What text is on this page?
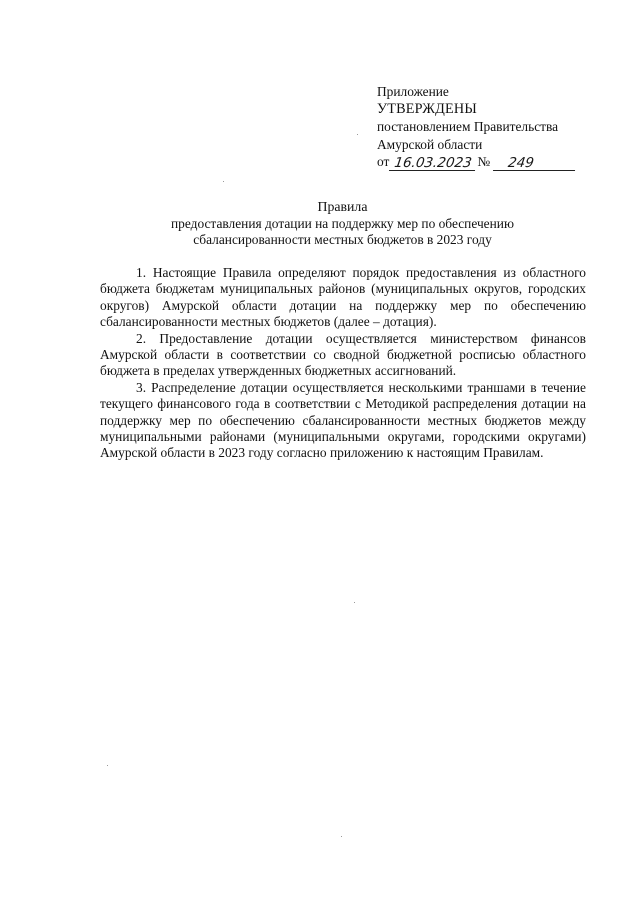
Приложение
УТВЕРЖДЕНЫ
постановлением Правительства
Амурской области
от 16.03.2023 №	249
Правила
предоставления дотации на поддержку мер по обеспечению
сбалансированности местных бюджетов в 2023 году

1. Настоящие Правила определяют порядок предоставления из областного бюджета бюджетам муниципальных районов (муниципальных округов, городских округов) Амурской области дотации на поддержку мер по обеспечению сбалансированности местных бюджетов (далее – дотация).

2. Предоставление дотации осуществляется министерством финансов Амурской области в соответствии со сводной бюджетной росписью областного бюджета в пределах утвержденных бюджетных ассигнований.

3. Распределение дотации осуществляется несколькими траншами в течение текущего финансового года в соответствии с Методикой распределения дотации на поддержку мер по обеспечению сбалансированности местных бюджетов между муниципальными районами (муниципальными округами, городскими округами) Амурской области в 2023 году согласно приложению к настоящим Правилам.
